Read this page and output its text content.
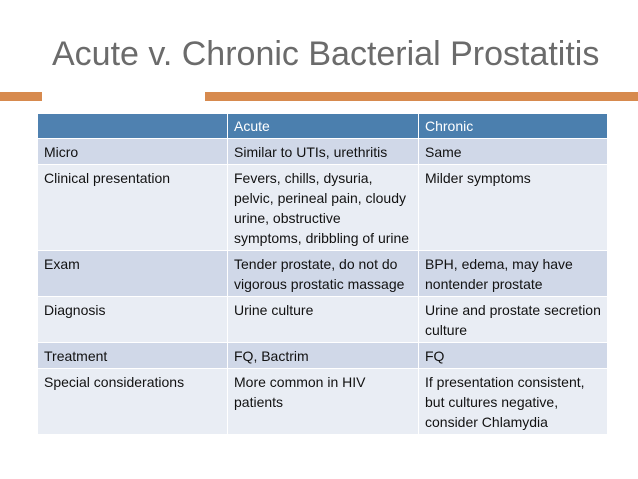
Acute v. Chronic Bacterial Prostatitis
	Acute	Chronic
Micro	Similar to UTIs, urethritis	Same
Clinical presentation	Fevers, chills, dysuria, pelvic, perineal pain, cloudy urine, obstructive symptoms, dribbling of urine	Milder symptoms
Exam	Tender prostate, do not do vigorous prostatic massage	BPH, edema, may have nontender prostate
Diagnosis	Urine culture	Urine and prostate secretion culture
Treatment	FQ, Bactrim	FQ
Special considerations	More common in HIV patients	If presentation consistent, but cultures negative, consider Chlamydia
